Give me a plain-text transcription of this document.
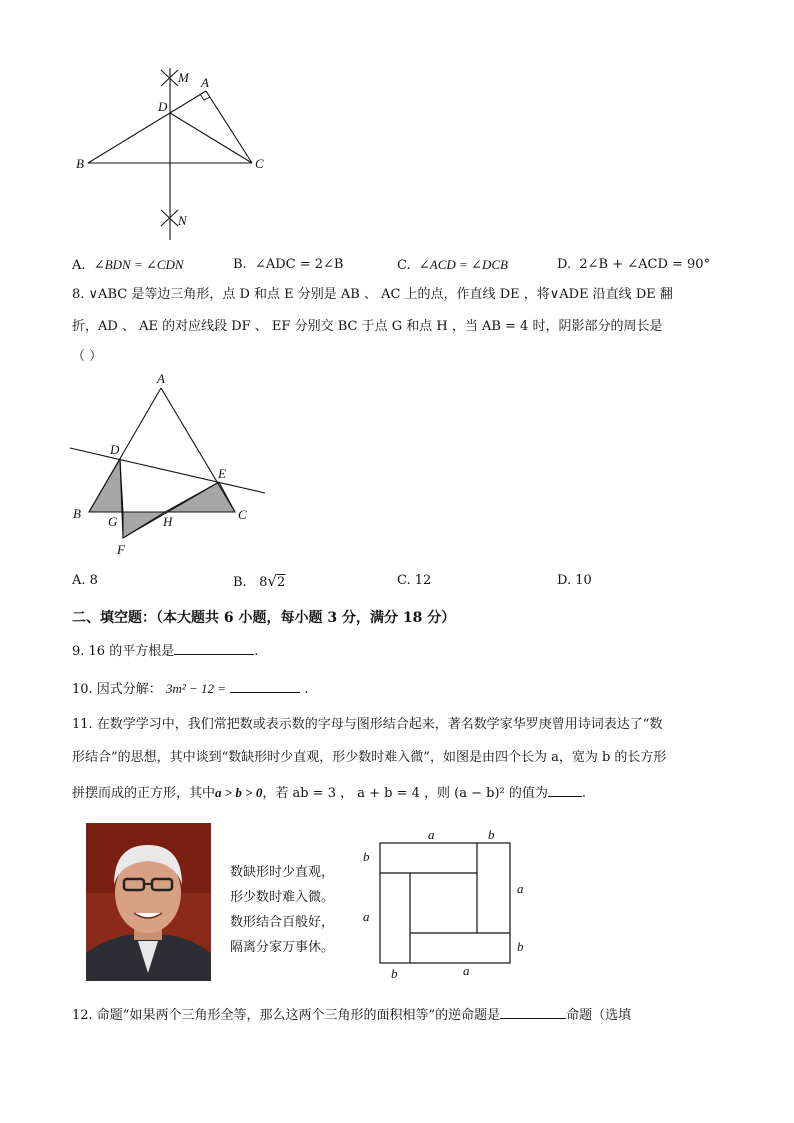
M A
D
B	C
N
A. ∠BDN = ∠CDN	B. ∠ADC = 2∠B	C. ∠ACD = ∠DCB	D. 2∠B + ∠ACD = 90°
8. ∨ABC 是等边三角形，点 D 和点 E 分别是 AB 、 AC 上的点，作直线 DE ，将∨ADE 沿直线 DE 翻
折，AD 、 AE 的对应线段 DF 、 EF 分别交 BC 于点 G 和点 H ，当 AB = 4 时，阴影部分的周长是
（ ）
A
D
E
B
G	H	C
F
A. 8	B. 8√2	C. 12	D. 10
二、填空题：（本大题共 6 小题，每小题 3 分，满分 18 分）
9. 16 的平方根是	.
10. 因式分解： 3m² − 12 =	.
11. 在数学学习中，我们常把数或表示数的字母与图形结合起来，著名数学家华罗庚曾用诗词表达了“数
形结合”的思想，其中谈到“数缺形时少直观，形少数时难入微”，如图是由四个长为 a，宽为 b 的长方形
拼摆而成的正方形，其中a > b > 0，若 ab = 3 ， a + b = 4 ，则 (a − b)² 的值为	.
数缺形时少直观，
形少数时难入微。
数形结合百般好，
隔离分家万事休。
a	b
b
a
a
b
b	a
12. 命题“如果两个三角形全等，那么这两个三角形的面积相等”的逆命题是	命题（选填
